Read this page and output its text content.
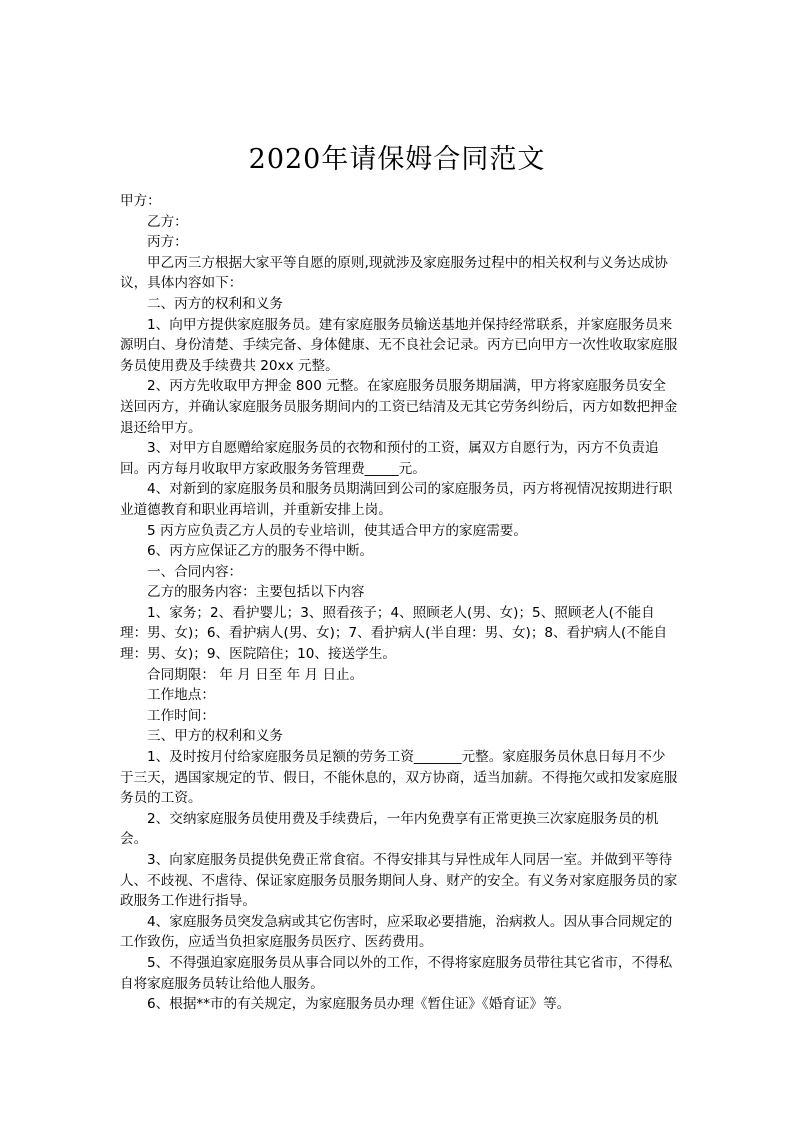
2020年请保姆合同范文

甲方：

乙方：

丙方：

甲乙丙三方根据大家平等自愿的原则,现就涉及家庭服务过程中的相关权利与义务达成协议，具体内容如下：

二、丙方的权利和义务

1、向甲方提供家庭服务员。建有家庭服务员输送基地并保持经常联系，并家庭服务员来源明白、身份清楚、手续完备、身体健康、无不良社会记录。丙方已向甲方一次性收取家庭服务员使用费及手续费共 20xx 元整。

2、丙方先收取甲方押金 800 元整。在家庭服务员服务期届满，甲方将家庭服务员安全送回丙方，并确认家庭服务员服务期间内的工资已结清及无其它劳务纠纷后，丙方如数把押金退还给甲方。

3、对甲方自愿赠给家庭服务员的衣物和预付的工资，属双方自愿行为，丙方不负责追回。丙方每月收取甲方家政服务务管理费_____元。

4、对新到的家庭服务员和服务员期满回到公司的家庭服务员，丙方将视情况按期进行职业道德教育和职业再培训，并重新安排上岗。

5 丙方应负责乙方人员的专业培训，使其适合甲方的家庭需要。

6、丙方应保证乙方的服务不得中断。

一、合同内容：

乙方的服务内容：主要包括以下内容

1、家务；2、看护婴儿；3、照看孩子；4、照顾老人(男、女)；5、照顾老人(不能自理：男、女)；6、看护病人(男、女)；7、看护病人(半自理：男、女)；8、看护病人(不能自理：男、女)；9、医院陪住；10、接送学生。

合同期限： 年 月 日至 年 月 日止。

工作地点：

工作时间：

三、甲方的权利和义务

1、及时按月付给家庭服务员足额的劳务工资_______元整。家庭服务员休息日每月不少于三天，遇国家规定的节、假日，不能休息的，双方协商，适当加薪。不得拖欠或扣发家庭服务员的工资。

2、交纳家庭服务员使用费及手续费后，一年内免费享有正常更换三次家庭服务员的机会。

3、向家庭服务员提供免费正常食宿。不得安排其与异性成年人同居一室。并做到平等待人、不歧视、不虐待、保证家庭服务员服务期间人身、财产的安全。有义务对家庭服务员的家政服务工作进行指导。

4、家庭服务员突发急病或其它伤害时，应采取必要措施，治病救人。因从事合同规定的工作致伤，应适当负担家庭服务员医疗、医药费用。

5、不得强迫家庭服务员从事合同以外的工作，不得将家庭服务员带往其它省市，不得私自将家庭服务员转让给他人服务。

6、根据**市的有关规定，为家庭服务员办理《暂住证》《婚育证》等。
